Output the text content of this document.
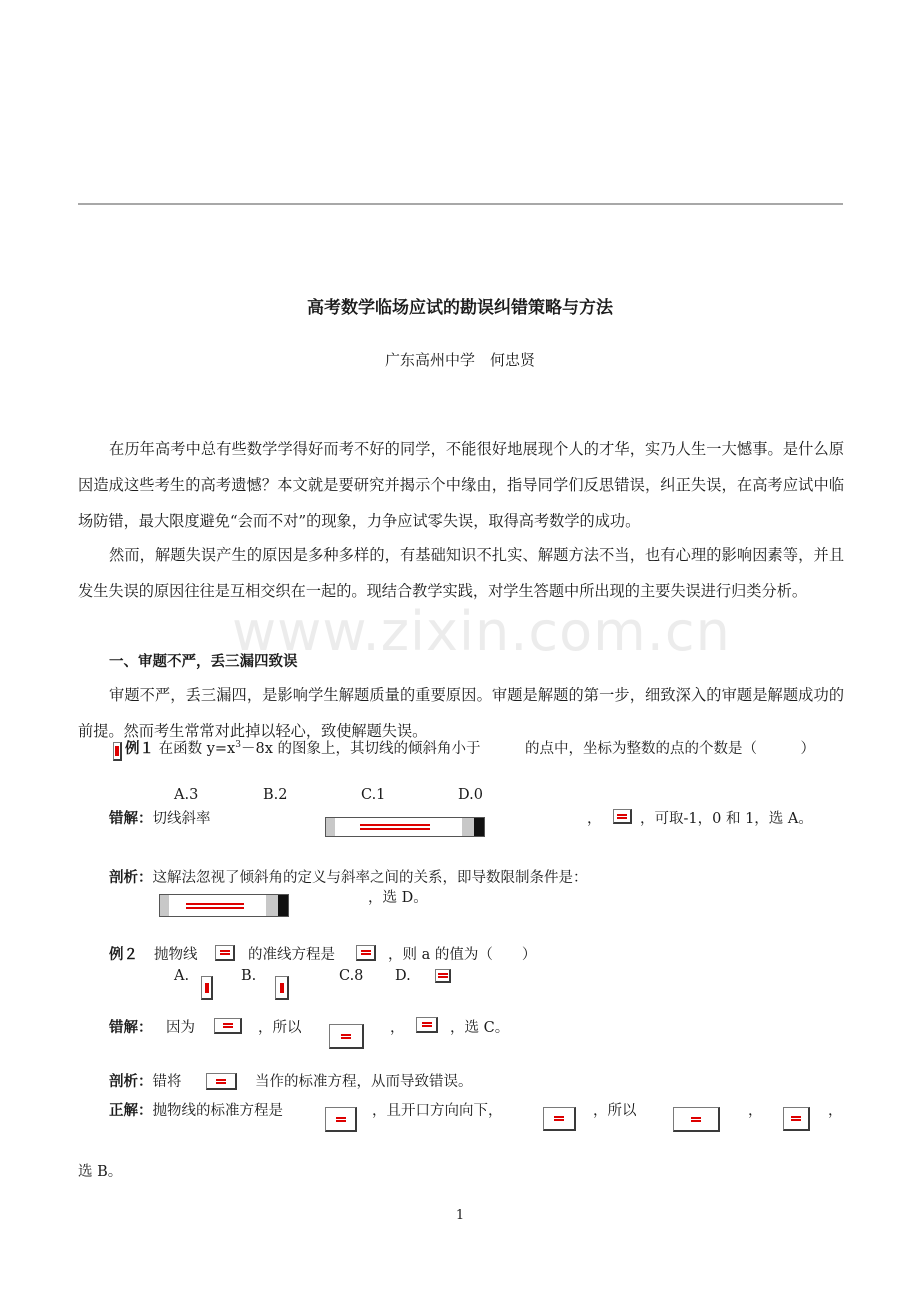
高考数学临场应试的勘误纠错策略与方法
广东高州中学　何忠贤
在历年高考中总有些数学学得好而考不好的同学，不能很好地展现个人的才华，实乃人生一大憾事。是什么原因造成这些考生的高考遗憾？本文就是要研究并揭示个中缘由，指导同学们反思错误，纠正失误，在高考应试中临场防错，最大限度避免“会而不对”的现象，力争应试零失误，取得高考数学的成功。
然而，解题失误产生的原因是多种多样的，有基础知识不扎实、解题方法不当，也有心理的影响因素等，并且发生失误的原因往往是互相交织在一起的。现结合教学实践，对学生答题中所出现的主要失误进行归类分析。
www.zixin.com.cn
一、审题不严，丢三漏四致误
审题不严，丢三漏四，是影响学生解题质量的重要原因。审题是解题的第一步，细致深入的审题是解题成功的前提。然而考生常常对此掉以轻心，致使解题失误。
例１ 在函数 $y=x^3-8x$ 的图象上，其切线的倾斜角小于	的点中，坐标为整数的点的个数是（　　　）
A.3	B.2	C.1	D.0
错解：切线斜率	，	，可取-1，0 和 1，选 A。
剖析：这解法忽视了倾斜角的定义与斜率之间的关系，即导数限制条件是：
，选 D。
例２ 抛物线	的准线方程是	，则 a 的值为（　　）
A.	B.	C.8 D.
错解： 因为	，所以	，	，选 C。
剖析：错将	当作的标准方程，从而导致错误。
正解：抛物线的标准方程是	，且开口方向向下，	，所以	，	，
选 B。
1
